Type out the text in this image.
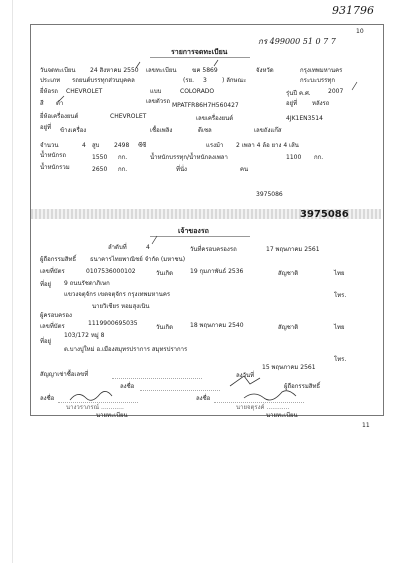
931796
กร 499000 51 0 7 7
10
รายการจดทะเบียน
วันจดทะเบียน 24 สิงหาคม 2550 เลขทะเบียน	ฆฅ 5869	จังหวัด	กรุงเทพมหานคร
ประเภท รถยนต์บรรทุกส่วนบุคคล	(รย. 3	) ลักษณะ	กระบะบรรทุก
ยี่ห้อรถ CHEVROLET	แบบ	COLORADO	รุ่นปี ค.ศ.	2007
สี ดำ	เลขตัวรถ
MPATFR86H7H560427	อยู่ที่ หลังรถ
ยี่ห้อเครื่องยนต์	CHEVROLET	เลขเครื่องยนต์	4JK1EN3514
อยู่ที่ ข้างเครื่อง	เชื้อเพลิง	ดีเซล	เลขถังแก๊ส
จำนวน	4 สูบ 2498 ซีซี	แรงม้า 2 เพลา 4 ล้อ ยาง 4 เส้น
น้ำหนักรถ	1550 กก.	น้ำหนักบรรทุก/น้ำหนักลงเพลา	1100 กก.
น้ำหนักรวม	2650 กก.	ที่นั่ง	คน
3975086
3975086
เจ้าของรถ
ลำดับที่	4	วันที่ครอบครองรถ	17 พฤษภาคม 2561
ผู้ถือกรรมสิทธิ์ ธนาคารไทยพาณิชย์ จำกัด (มหาชน)
เลขที่บัตร	0107536000102	วันเกิด	19 กุมภาพันธ์ 2536	สัญชาติ	ไทย
ที่อยู่ 9 ถนนรัชดาภิเษก
แขวงจตุจักร เขตจตุจักร กรุงเทพมหานคร	โทร.
นายวิเชียร หอมสุงเนิน
ผู้ครอบครอง
เลขที่บัตร	1119900695035
วันเกิด	18 พฤษภาคม 2540	สัญชาติ	ไทย
103/172 หมู่ 8
ที่อยู่
ต.บางปูใหม่ อ.เมืองสมุทรปราการ สมุทรปราการ
โทร.
15 พฤษภาคม 2561
สัญญาเช่าซื้อเลขที่	ลงวันที่
ลงชื่อ	ผู้ถือกรรมสิทธิ์
ลงชื่อ	ลงชื่อ
นางวราภรณ์ ............
นายทะเบียน
นายจตุรงค์ ............
นายทะเบียน
11
